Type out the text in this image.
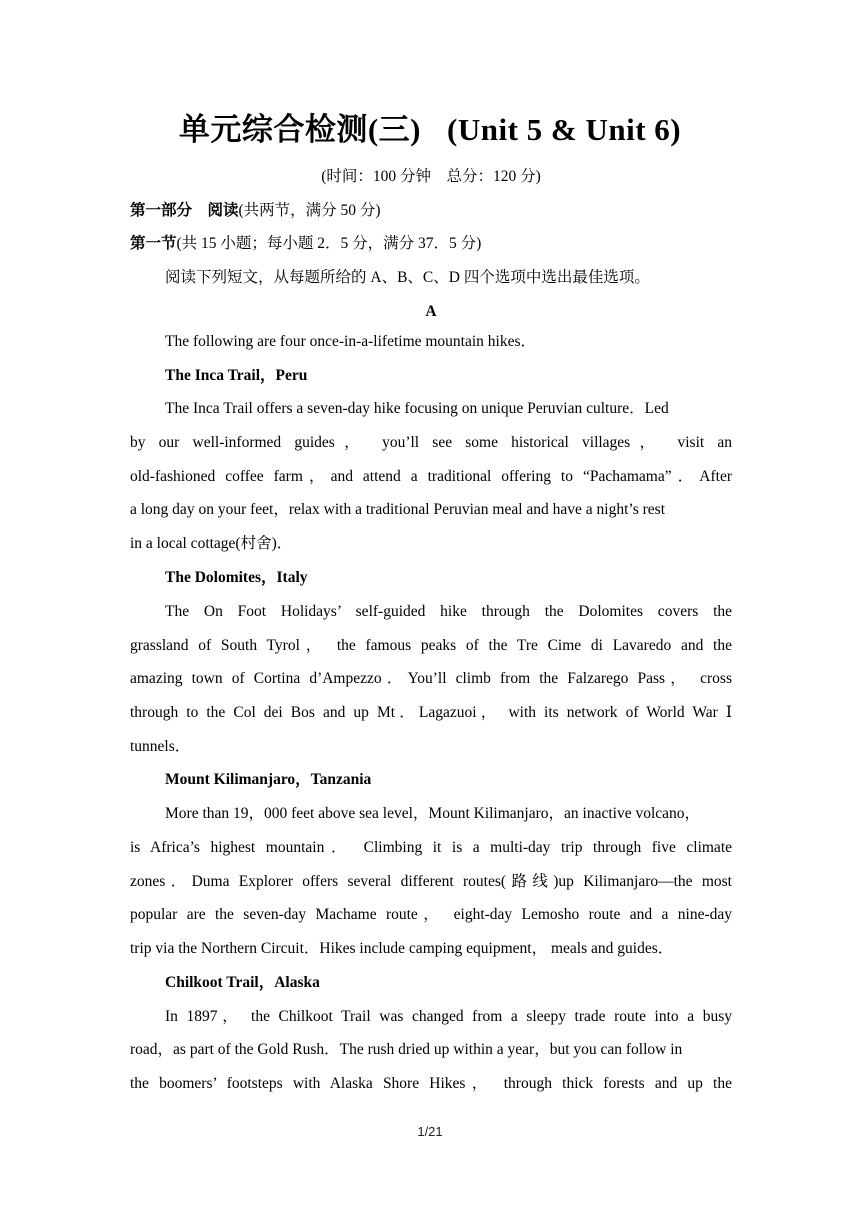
单元综合检测(三) (Unit 5 & Unit 6)
(时间：100 分钟　总分：120 分)
第一部分　阅读(共两节，满分 50 分)
第一节(共 15 小题；每小题 2．5 分，满分 37．5 分)
阅读下列短文，从每题所给的 A、B、C、D 四个选项中选出最佳选项。
A
The following are four once-in-a-lifetime mountain hikes．
The Inca Trail，Peru
The Inca Trail offers a seven-day hike focusing on unique Peruvian culture．Led
by our well-informed guides， you’ll see some historical villages， visit an
old-fashioned coffee farm，and attend a traditional offering to “Pachamama”．After
a long day on your feet，relax with a traditional Peruvian meal and have a night’s rest
in a local cottage(村舍)．
The Dolomites，Italy
The On Foot Holidays’ self-guided hike through the Dolomites covers the
grassland of South Tyrol， the famous peaks of the Tre Cime di Lavaredo and the
amazing town of Cortina d’Ampezzo．You’ll climb from the Falzarego Pass， cross
through to the Col dei Bos and up Mt．Lagazuoi， with its network of World War Ⅰ
tunnels．
Mount Kilimanjaro，Tanzania
More than 19，000 feet above sea level，Mount Kilimanjaro，an inactive volcano，
is Africa’s highest mountain． Climbing it is a multi-day trip through five climate
zones．Duma Explorer offers several different routes(路线)up Kilimanjaro—the most
popular are the seven-day Machame route， eight-day Lemosho route and a nine-day
trip via the Northern Circuit．Hikes include camping equipment， meals and guides．
Chilkoot Trail，Alaska
In 1897， the Chilkoot Trail was changed from a sleepy trade route into a busy
road，as part of the Gold Rush．The rush dried up within a year，but you can follow in
the boomers’ footsteps with Alaska Shore Hikes， through thick forests and up the
1/21
